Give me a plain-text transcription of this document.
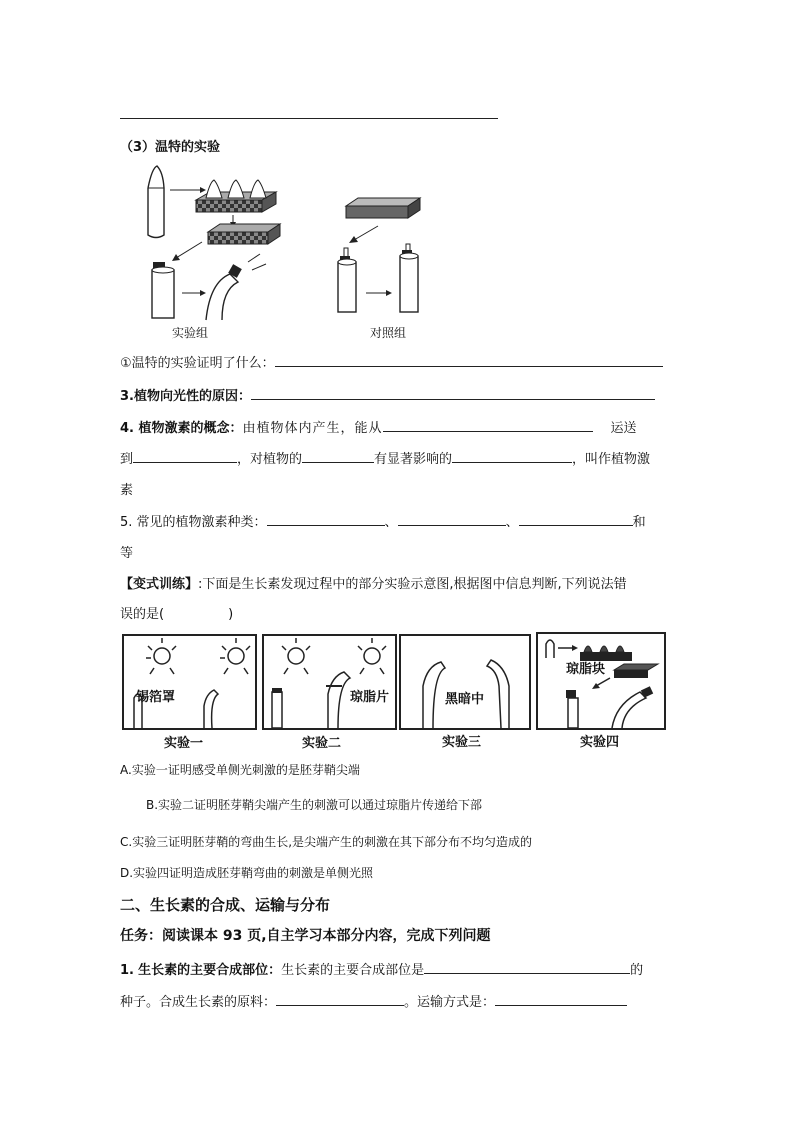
（3）温特的实验
实验组	对照组
①温特的实验证明了什么：
3.植物向光性的原因：
4. 植物激素的概念：由植物体内产生，能从	运送
到	，对植物的	有显著影响的	，叫作植物激
素
5. 常见的植物激素种类：	、	、	和
等
【变式训练】:下面是生长素发现过程中的部分实验示意图,根据图中信息判断,下列说法错
误的是(	)
锡箔罩	琼脂片	黑暗中
琼脂块
实验一	实验二	实验三	实验四
A.实验一证明感受单侧光刺激的是胚芽鞘尖端
B.实验二证明胚芽鞘尖端产生的刺激可以通过琼脂片传递给下部
C.实验三证明胚芽鞘的弯曲生长,是尖端产生的刺激在其下部分布不均匀造成的
D.实验四证明造成胚芽鞘弯曲的刺激是单侧光照
二、生长素的合成、运输与分布
任务：阅读课本 93 页,自主学习本部分内容，完成下列问题
1. 生长素的主要合成部位：生长素的主要合成部位是	的
种子。合成生长素的原料：	。运输方式是：
